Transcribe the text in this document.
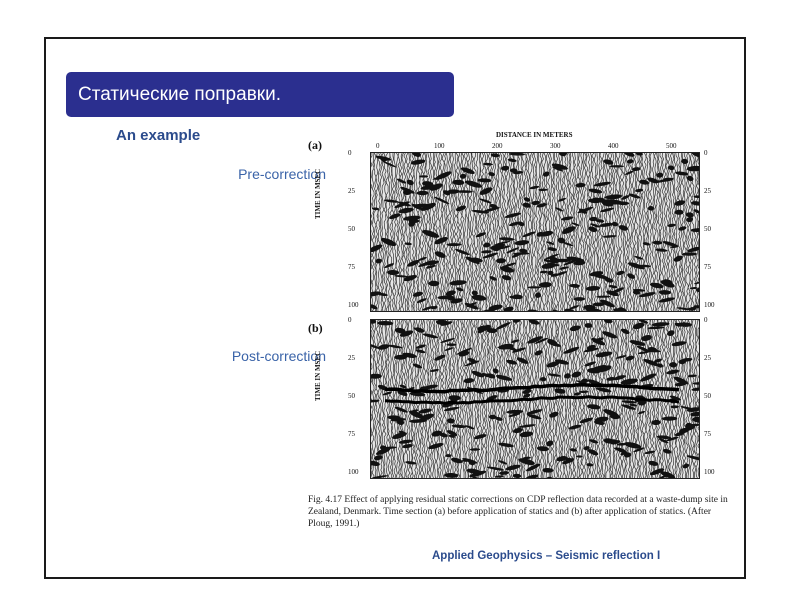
Статические поправки.
An example
Pre-correction
Post-correction
(a)
(b)
DISTANCE IN METERS
TIME IN MSEC
TIME IN MSEC
Fig. 4.17 Effect of applying residual static corrections on CDP reflection data recorded at a waste-dump site in Zealand, Denmark. Time section (a) before application of statics and (b) after application of statics. (After Ploug, 1991.)
Applied Geophysics – Seismic reflection I
0	100	200	300	400	500
0	0
25	25
50	50
75	75
100	100
0	0
25	25
50	50
75	75
100	100
